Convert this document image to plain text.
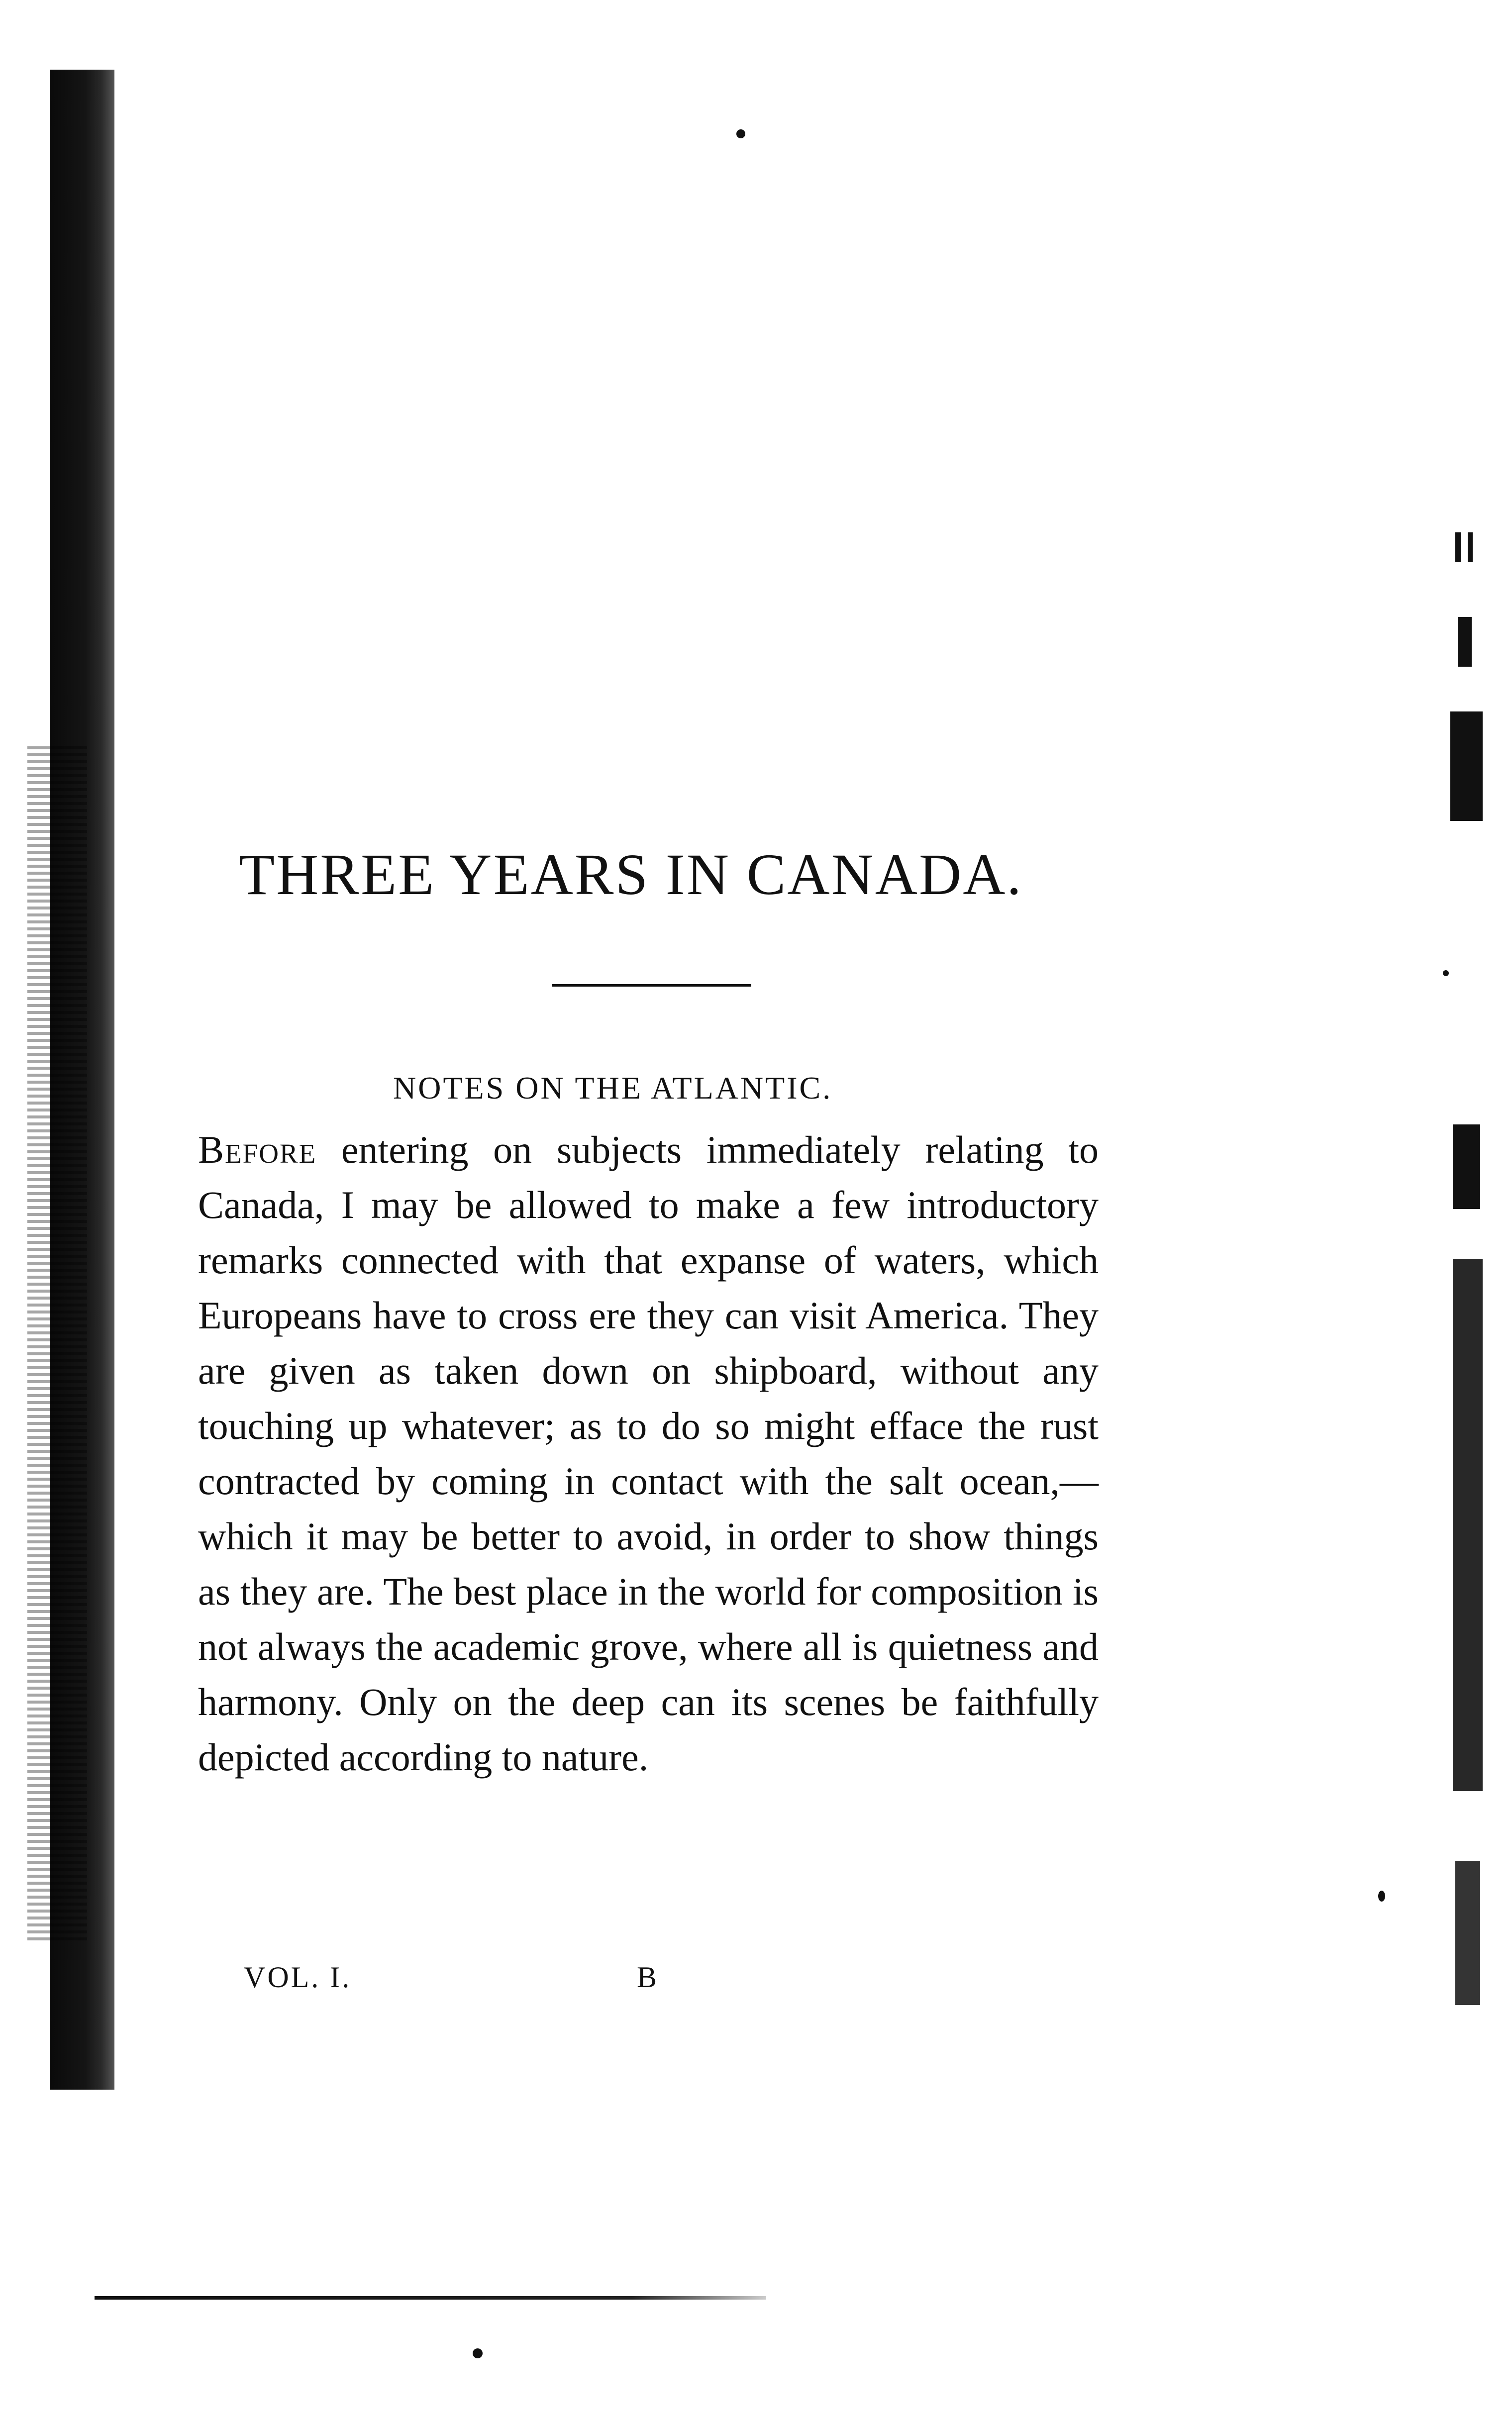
THREE YEARS IN CANADA.
NOTES ON THE ATLANTIC.

Before entering on subjects immediately relating to Canada, I may be allowed to make a few introductory remarks connected with that expanse of waters, which Europeans have to cross ere they can visit America. They are given as taken down on shipboard, without any touching up whatever; as to do so might efface the rust contracted by coming in contact with the salt ocean,—which it may be better to avoid, in order to show things as they are. The best place in the world for composition is not always the academic grove, where all is quietness and harmony. Only on the deep can its scenes be faithfully depicted according to nature.

VOL. I.	B
